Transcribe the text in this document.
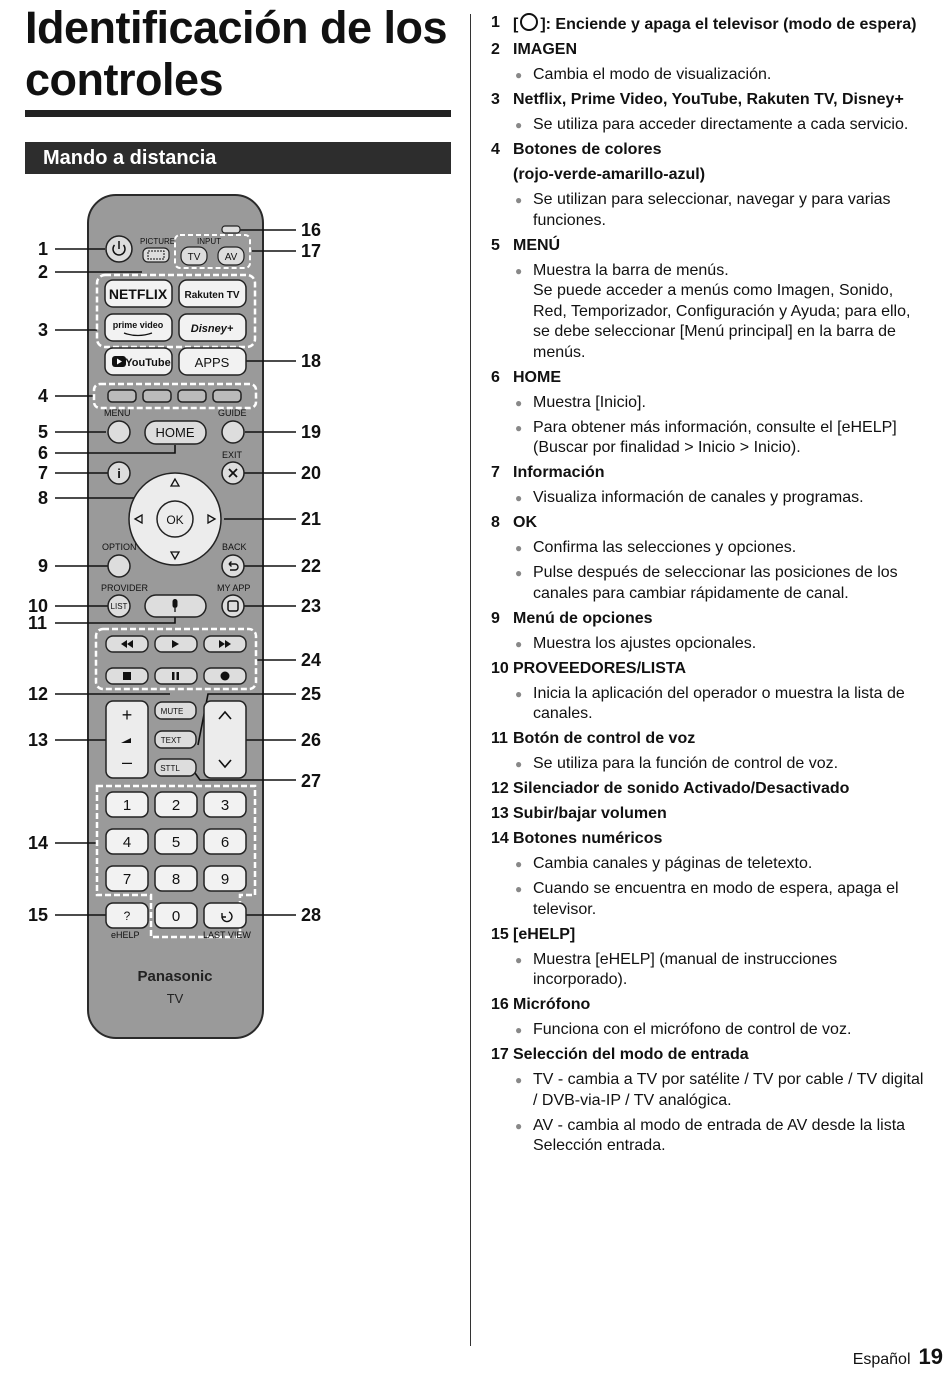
Identificación de los controles
Mando a distancia
1
2
3
4
5
6
7
8
9
10
11
12
13
14
15
16
17
18
19
20
21
22
23
24
25
26
27
28
PICTURE	INPUT
TV AV
NETFLIX Rakuten TV
prime video Disney+
YouTube APPS
MENU
HOME
GUIDE
i
EXIT
OK
OPTION	BACK
PROVIDER
LIST
MY APP
+
–
MUTE
TEXT
STTL
1	2	3
4	5	6
7	8	9
?	0
eHELP	LAST VIEW
Panasonic
TV
1 [ ]: Enciende y apaga el televisor (modo de espera)
2 IMAGEN
● Cambia el modo de visualización.
3 Netflix, Prime Video, YouTube, Rakuten TV, Disney+
● Se utiliza para acceder directamente a cada servicio.
4 Botones de colores
(rojo-verde-amarillo-azul)
● Se utilizan para seleccionar, navegar y para varias funciones.
5 MENÚ
● Muestra la barra de menús.
Se puede acceder a menús como Imagen, Sonido, Red, Temporizador, Configuración y Ayuda; para ello, se debe seleccionar [Menú principal] en la barra de menús.
6 HOME
● Muestra [Inicio].
● Para obtener más información, consulte el [eHELP] (Buscar por finalidad > Inicio > Inicio).
7 Información
● Visualiza información de canales y programas.
8 OK
● Confirma las selecciones y opciones.
● Pulse después de seleccionar las posiciones de los canales para cambiar rápidamente de canal.
9 Menú de opciones
● Muestra los ajustes opcionales.
10 PROVEEDORES/LISTA
● Inicia la aplicación del operador o muestra la lista de canales.
11 Botón de control de voz
● Se utiliza para la función de control de voz.
12 Silenciador de sonido Activado/Desactivado
13 Subir/bajar volumen
14 Botones numéricos
● Cambia canales y páginas de teletexto.
● Cuando se encuentra en modo de espera, apaga el televisor.
15 [eHELP]
● Muestra [eHELP] (manual de instrucciones incorporado).
16 Micrófono
● Funciona con el micrófono de control de voz.
17 Selección del modo de entrada
● TV - cambia a TV por satélite / TV por cable / TV digital / DVB-via-IP / TV analógica.
● AV - cambia al modo de entrada de AV desde la lista Selección entrada.
Español 19
